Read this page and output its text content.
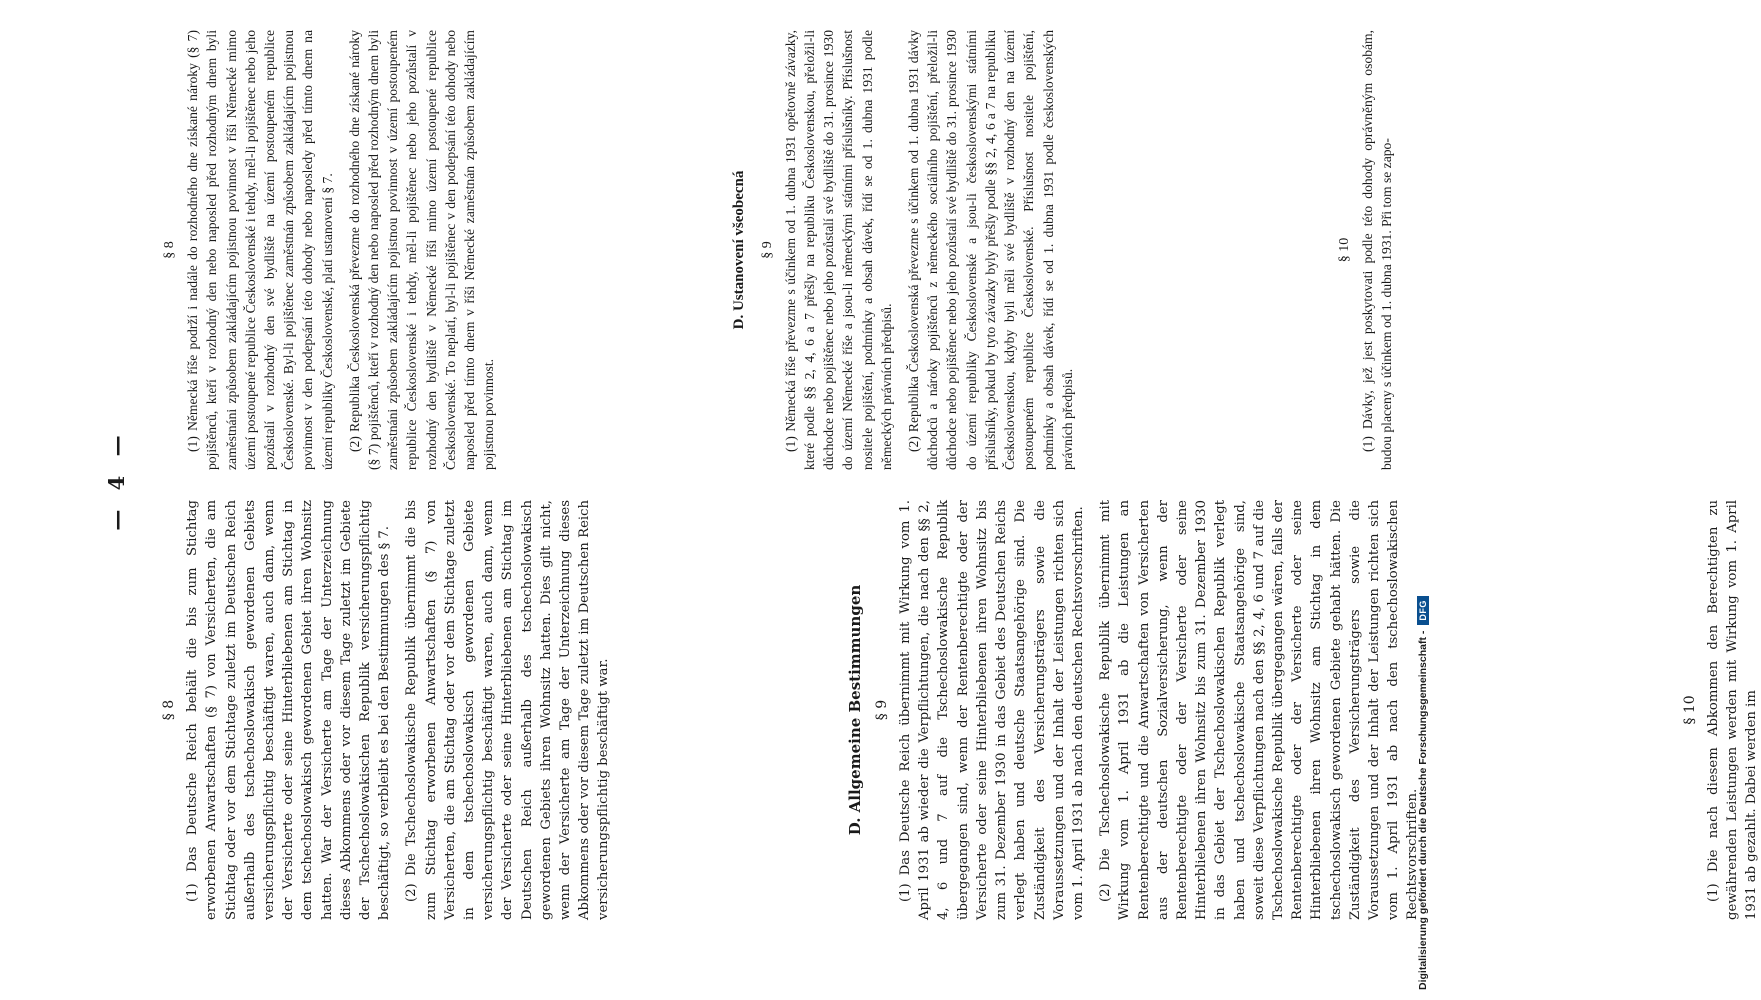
— 4 —
§ 8 (1) Das Deutsche Reich behält die bis zum Stichtag erworbenen Anwartschaften (§ 7) von Versicherten, die am Stichtag oder vor dem Stichtage zuletzt im Deutschen Reich außerhalb des tschechoslowakisch gewordenen Gebiets versicherungspflichtig beschäftigt waren, auch dann, wenn der Versicherte oder seine Hinterbliebenen am Stichtag in dem tschechoslowakisch gewordenen Gebiet ihren Wohnsitz hatten. War der Versicherte am Tage der Unterzeichnung dieses Abkommens oder vor diesem Tage zuletzt im Gebiete der Tschechoslowakischen Republik versicherungspflichtig beschäftigt, so verbleibt es bei den Bestimmungen des § 7. (2) Die Tschechoslowakische Republik übernimmt die bis zum Stichtag erworbenen Anwartschaften (§ 7) von Versicherten, die am Stichtag oder vor dem Stichtage zuletzt in dem tschechoslowakisch gewordenen Gebiete versicherungspflichtig beschäftigt waren, auch dann, wenn der Versicherte oder seine Hinterbliebenen am Stichtag im Deutschen Reich außerhalb des tschechoslowakisch gewordenen Gebiets ihren Wohnsitz hatten. Dies gilt nicht, wenn der Versicherte am Tage der Unterzeichnung dieses Abkommens oder vor diesem Tage zuletzt im Deutschen Reich versicherungspflichtig beschäftigt war.	D. Allgemeine Bestimmungen § 9 (1) Das Deutsche Reich übernimmt mit Wirkung vom 1. April 1931 ab wieder die Verpflichtungen, die nach den §§ 2, 4, 6 und 7 auf die Tschechoslowakische Republik übergegangen sind, wenn der Rentenberechtigte oder der Versicherte oder seine Hinterbliebenen ihren Wohnsitz bis zum 31. Dezember 1930 in das Gebiet des Deutschen Reichs verlegt haben und deutsche Staatsangehörige sind. Die Zuständigkeit des Versicherungsträgers sowie die Voraussetzungen und der Inhalt der Leistungen richten sich vom 1. April 1931 ab nach den deutschen Rechtsvorschriften. (2) Die Tschechoslowakische Republik übernimmt mit Wirkung vom 1. April 1931 ab die Leistungen an Rentenberechtigte und die Anwartschaften von Versicherten aus der deutschen Sozialversicherung, wenn der Rentenberechtigte oder der Versicherte oder seine Hinterbliebenen ihren Wohnsitz bis zum 31. Dezember 1930 in das Gebiet der Tschechoslowakischen Republik verlegt haben und tschechoslowakische Staatsangehörige sind, soweit diese Verpflichtungen nach den §§ 2, 4, 6 und 7 auf die Tschechoslowakische Republik übergegangen wären, falls der Rentenberechtigte oder der Versicherte oder seine Hinterbliebenen ihren Wohnsitz am Stichtag in dem tschechoslowakisch gewordenen Gebiete gehabt hätten. Die Zuständigkeit des Versicherungsträgers sowie die Voraussetzungen und der Inhalt der Leistungen richten sich vom 1. April 1931 ab nach den tschechoslowakischen Rechtsvorschriften.

§ 10 (1) Die nach diesem Abkommen den Berechtigten zu gewährenden Leistungen werden mit Wirkung vom 1. April 1931 ab gezahlt. Dabei werden im

§ 8 (1) Německá říše podrží i nadále do rozhodného dne získané nároky (§ 7) pojištěnců, kteří v rozhodný den nebo naposled před rozhodným dnem byli zaměstnáni způsobem zakládajícím pojistnou povinnost v říši Německé mimo území postoupené republice Československé i tehdy, měl-li pojištěnec nebo jeho pozůstalí v rozhodný den své bydliště na území postoupeném republice Československé. Byl-li pojištěnec zaměstnán způsobem zakládajícím pojistnou povinnost v den podepsání této dohody nebo naposledy před tímto dnem na území republiky Československé, platí ustanovení § 7. (2) Republika Československá převezme do rozhodného dne získané nároky (§ 7) pojištěnců, kteří v rozhodný den nebo naposled před rozhodným dnem byli zaměstnáni způsobem zakládajícím pojistnou povinnost v území postoupeném republice Československé i tehdy, měl-li pojištěnec nebo jeho pozůstalí v rozhodný den bydliště v Německé říši mimo území postoupené republice Československé. To neplatí, byl-li pojištěnec v den podepsání této dohody nebo naposled před tímto dnem v říši Německé zaměstnán způsobem zakládajícím pojistnou povinnost.

D. Ustanovení všeobecná § 9 (1) Německá říše převezme s účinkem od 1. dubna 1931 opětovně závazky, které podle §§ 2, 4, 6 a 7 přešly na republiku Československou, přeložil-li důchodce nebo pojištěnec nebo jeho pozůstalí své bydliště do 31. prosince 1930 do území Německé říše a jsou-li německými státními příslušníky. Příslušnost nositele pojištění, podmínky a obsah dávek, řídí se od 1. dubna 1931 podle německých právních předpisů. (2) Republika Československá převezme s účinkem od 1. dubna 1931 dávky důchodců a nároky pojištěnců z německého sociálního pojištění, přeložil-li důchodce nebo pojištěnec nebo jeho pozůstalí své bydliště do 31. prosince 1930 do území republiky Československé a jsou-li československými státními příslušníky, pokud by tyto závazky byly přešly podle §§ 2, 4, 6 a 7 na republiku Československou, kdyby byli měli své bydliště v rozhodný den na území postoupeném republice Československé. Příslušnost nositele pojištění, podmínky a obsah dávek, řídí se od 1. dubna 1931 podle československých právních předpisů.

§ 10 (1) Dávky, jež jest poskytovati podle této dohody oprávněným osobám, budou placeny s účinkem od 1. dubna 1931. Při tom se zapo-

Digitalisierung gefördert durch die Deutsche Forschungsgemeinschaft -
DFG
